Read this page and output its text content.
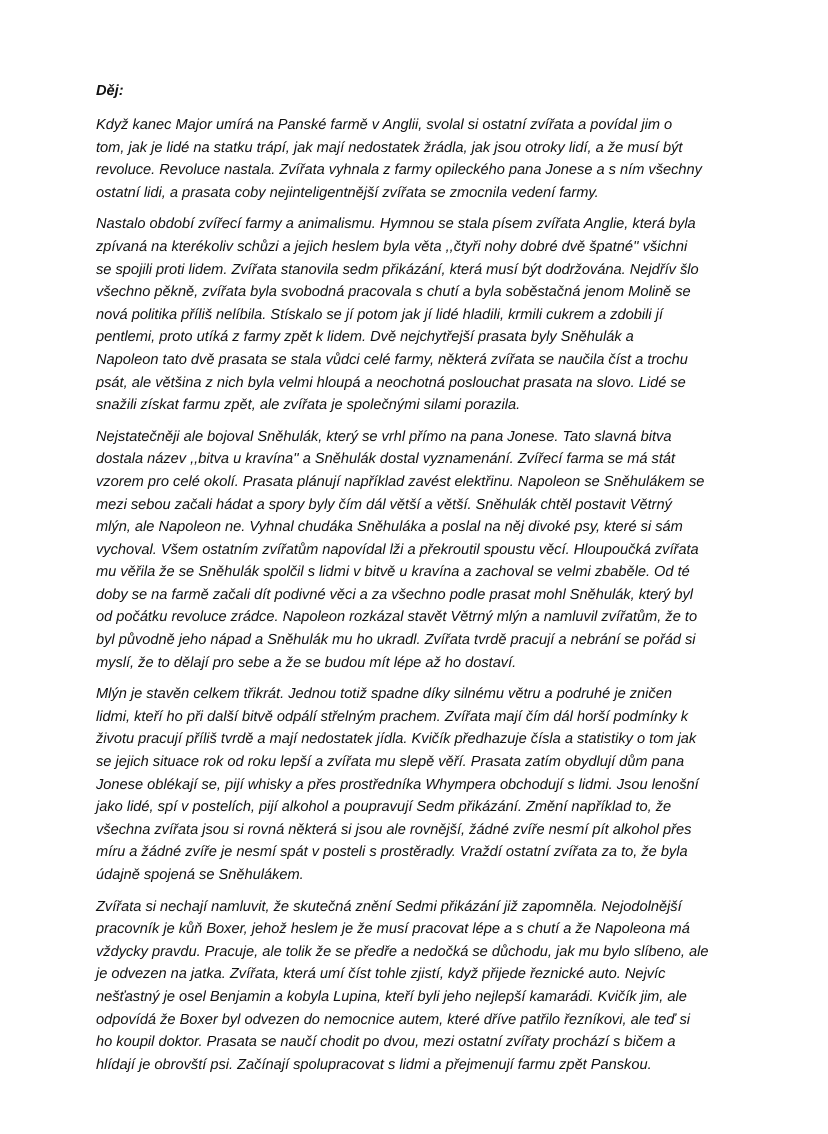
Děj:
Když kanec Major umírá na Panské farmě v Anglii, svolal si ostatní zvířata a povídal jim o
tom, jak je lidé na statku trápí, jak mají nedostatek žrádla, jak jsou otroky lidí, a že musí být
revoluce. Revoluce nastala. Zvířata vyhnala z farmy opileckého pana Jonese a s ním všechny
ostatní lidi, a prasata coby nejinteligentnější zvířata se zmocnila vedení farmy.
Nastalo období zvířecí farmy a animalismu. Hymnou se stala písem zvířata Anglie, která byla
zpívaná na kterékoliv schůzi a jejich heslem byla věta ,,čtyři nohy dobré dvě špatné'' všichni
se spojili proti lidem. Zvířata stanovila sedm přikázání, která musí být dodržována. Nejdřív šlo
všechno pěkně, zvířata byla svobodná pracovala s chutí a byla soběstačná jenom Molině se
nová politika příliš nelíbila. Stískalo se jí potom jak jí lidé hladili, krmili cukrem a zdobili jí
pentlemi, proto utíká z farmy zpět k lidem. Dvě nejchytřejší prasata byly Sněhulák a
Napoleon tato dvě prasata se stala vůdci celé farmy, některá zvířata se naučila číst a trochu
psát, ale většina z nich byla velmi hloupá a neochotná poslouchat prasata na slovo. Lidé se
snažili získat farmu zpět, ale zvířata je společnými silami porazila.
Nejstatečněji ale bojoval Sněhulák, který se vrhl přímo na pana Jonese. Tato slavná bitva
dostala název ,,bitva u kravína'' a Sněhulák dostal vyznamenání. Zvířecí farma se má stát
vzorem pro celé okolí. Prasata plánují například zavést elektřinu. Napoleon se Sněhulákem se
mezi sebou začali hádat a spory byly čím dál větší a větší. Sněhulák chtěl postavit Větrný
mlýn, ale Napoleon ne. Vyhnal chudáka Sněhuláka a poslal na něj divoké psy, které si sám
vychoval. Všem ostatním zvířatům napovídal lži a překroutil spoustu věcí. Hloupoučká zvířata
mu věřila že se Sněhulák spolčil s lidmi v bitvě u kravína a zachoval se velmi zbaběle. Od té
doby se na farmě začali dít podivné věci a za všechno podle prasat mohl Sněhulák, který byl
od počátku revoluce zrádce. Napoleon rozkázal stavět Větrný mlýn a namluvil zvířatům, že to
byl původně jeho nápad a Sněhulák mu ho ukradl. Zvířata tvrdě pracují a nebrání se pořád si
myslí, že to dělají pro sebe a že se budou mít lépe až ho dostaví.
Mlýn je stavěn celkem třikrát. Jednou totiž spadne díky silnému větru a podruhé je zničen
lidmi, kteří ho při další bitvě odpálí střelným prachem. Zvířata mají čím dál horší podmínky k
životu pracují příliš tvrdě a mají nedostatek jídla. Kvičík předhazuje čísla a statistiky o tom jak
se jejich situace rok od roku lepší a zvířata mu slepě věří. Prasata zatím obydlují dům pana
Jonese oblékají se, pijí whisky a přes prostředníka Whympera obchodují s lidmi. Jsou lenošní
jako lidé, spí v postelích, pijí alkohol a poupravují Sedm přikázání. Změní například to, že
všechna zvířata jsou si rovná některá si jsou ale rovnější, žádné zvíře nesmí pít alkohol přes
míru a žádné zvíře je nesmí spát v posteli s prostěradly. Vraždí ostatní zvířata za to, že byla
údajně spojená se Sněhulákem.
Zvířata si nechají namluvit, že skutečná znění Sedmi přikázání již zapomněla. Nejodolnější
pracovník je kůň Boxer, jehož heslem je že musí pracovat lépe a s chutí a že Napoleona má
vždycky pravdu. Pracuje, ale tolik že se předře a nedočká se důchodu, jak mu bylo slíbeno, ale
je odvezen na jatka. Zvířata, která umí číst tohle zjistí, když přijede řeznické auto. Nejvíc
nešťastný je osel Benjamin a kobyla Lupina, kteří byli jeho nejlepší kamarádi. Kvičík jim, ale
odpovídá že Boxer byl odvezen do nemocnice autem, které dříve patřilo řezníkovi, ale teď si
ho koupil doktor. Prasata se naučí chodit po dvou, mezi ostatní zvířaty prochází s bičem a
hlídají je obrovští psi. Začínají spolupracovat s lidmi a přejmenují farmu zpět Panskou.
